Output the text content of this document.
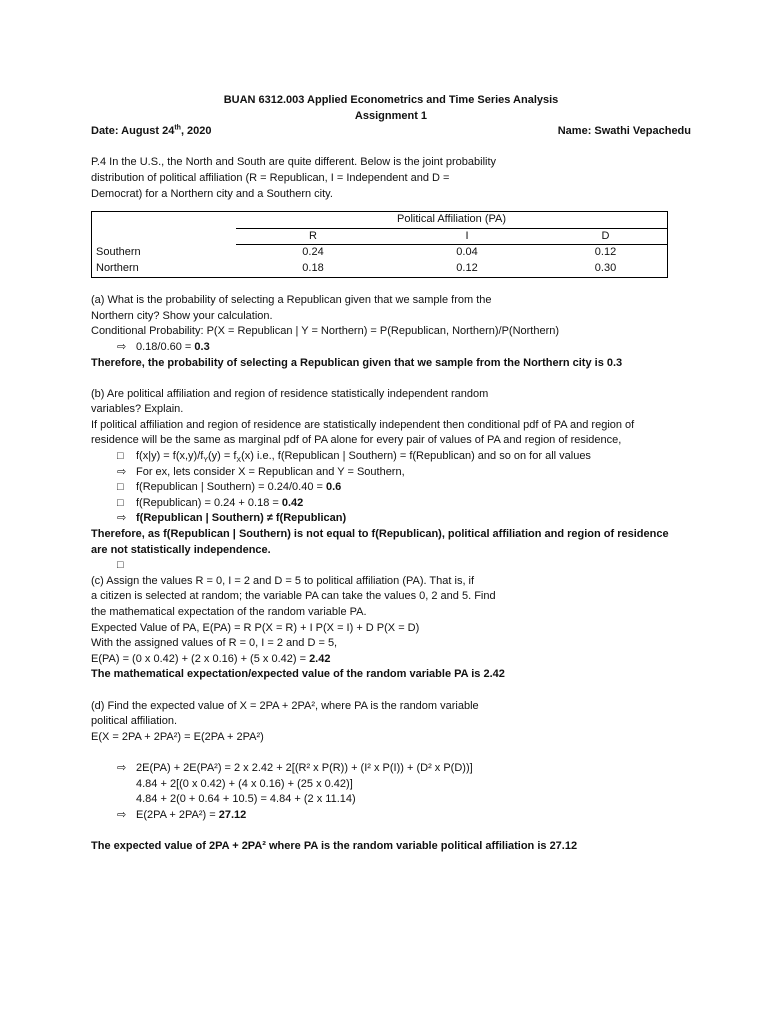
BUAN 6312.003 Applied Econometrics and Time Series Analysis
Assignment 1
Date: August 24th, 2020	Name: Swathi Vepachedu
P.4 In the U.S., the North and South are quite different. Below is the joint probability
distribution of political affiliation (R = Republican, I = Independent and D =
Democrat) for a Northern city and a Southern city.
	Political Affiliation (PA)		
	R	I	D
Southern	0.24	0.04	0.12
Northern	0.18	0.12	0.30
(a) What is the probability of selecting a Republican given that we sample from the
Northern city? Show your calculation.
Conditional Probability: P(X = Republican | Y = Northern) = P(Republican, Northern)/P(Northern)
⇨ 0.18/0.60 = 0.3
Therefore, the probability of selecting a Republican given that we sample from the Northern city is 0.3
(b) Are political affiliation and region of residence statistically independent random
variables? Explain.
If political affiliation and region of residence are statistically independent then conditional pdf of PA and region of
residence will be the same as marginal pdf of PA alone for every pair of values of PA and region of residence,
□ $f(x|y) = f(x,y)/f_Y(y) = f_X(x)$ i.e., f(Republican | Southern) = f(Republican) and so on for all values
⇨ For ex, lets consider X = Republican and Y = Southern,
□ f(Republican | Southern) = 0.24/0.40 = 0.6
□ f(Republican) = 0.24 + 0.18 = 0.42
⇨ f(Republican | Southern) ≠ f(Republican)
Therefore, as f(Republican | Southern) is not equal to f(Republican), political affiliation and region of residence
are not statistically independence.
□
(c) Assign the values R = 0, I = 2 and D = 5 to political affiliation (PA). That is, if
a citizen is selected at random; the variable PA can take the values 0, 2 and 5. Find
the mathematical expectation of the random variable PA.
Expected Value of PA, E(PA) = R P(X = R) + I P(X = I) + D P(X = D)
With the assigned values of R = 0, I = 2 and D = 5,
E(PA) = (0 x 0.42) + (2 x 0.16) + (5 x 0.42) = 2.42
The mathematical expectation/expected value of the random variable PA is 2.42
(d) Find the expected value of X = 2PA + 2PA², where PA is the random variable
political affiliation.
E(X = 2PA + 2PA²) = E(2PA + 2PA²)
⇨ 2E(PA) + 2E(PA²) = 2 x 2.42 + 2[(R² x P(R)) + (I² x P(I)) + (D² x P(D))]
4.84 + 2[(0 x 0.42) + (4 x 0.16) + (25 x 0.42)]
4.84 + 2(0 + 0.64 + 10.5) = 4.84 + (2 x 11.14)
⇨ E(2PA + 2PA²) = 27.12
The expected value of 2PA + 2PA² where PA is the random variable political affiliation is 27.12
